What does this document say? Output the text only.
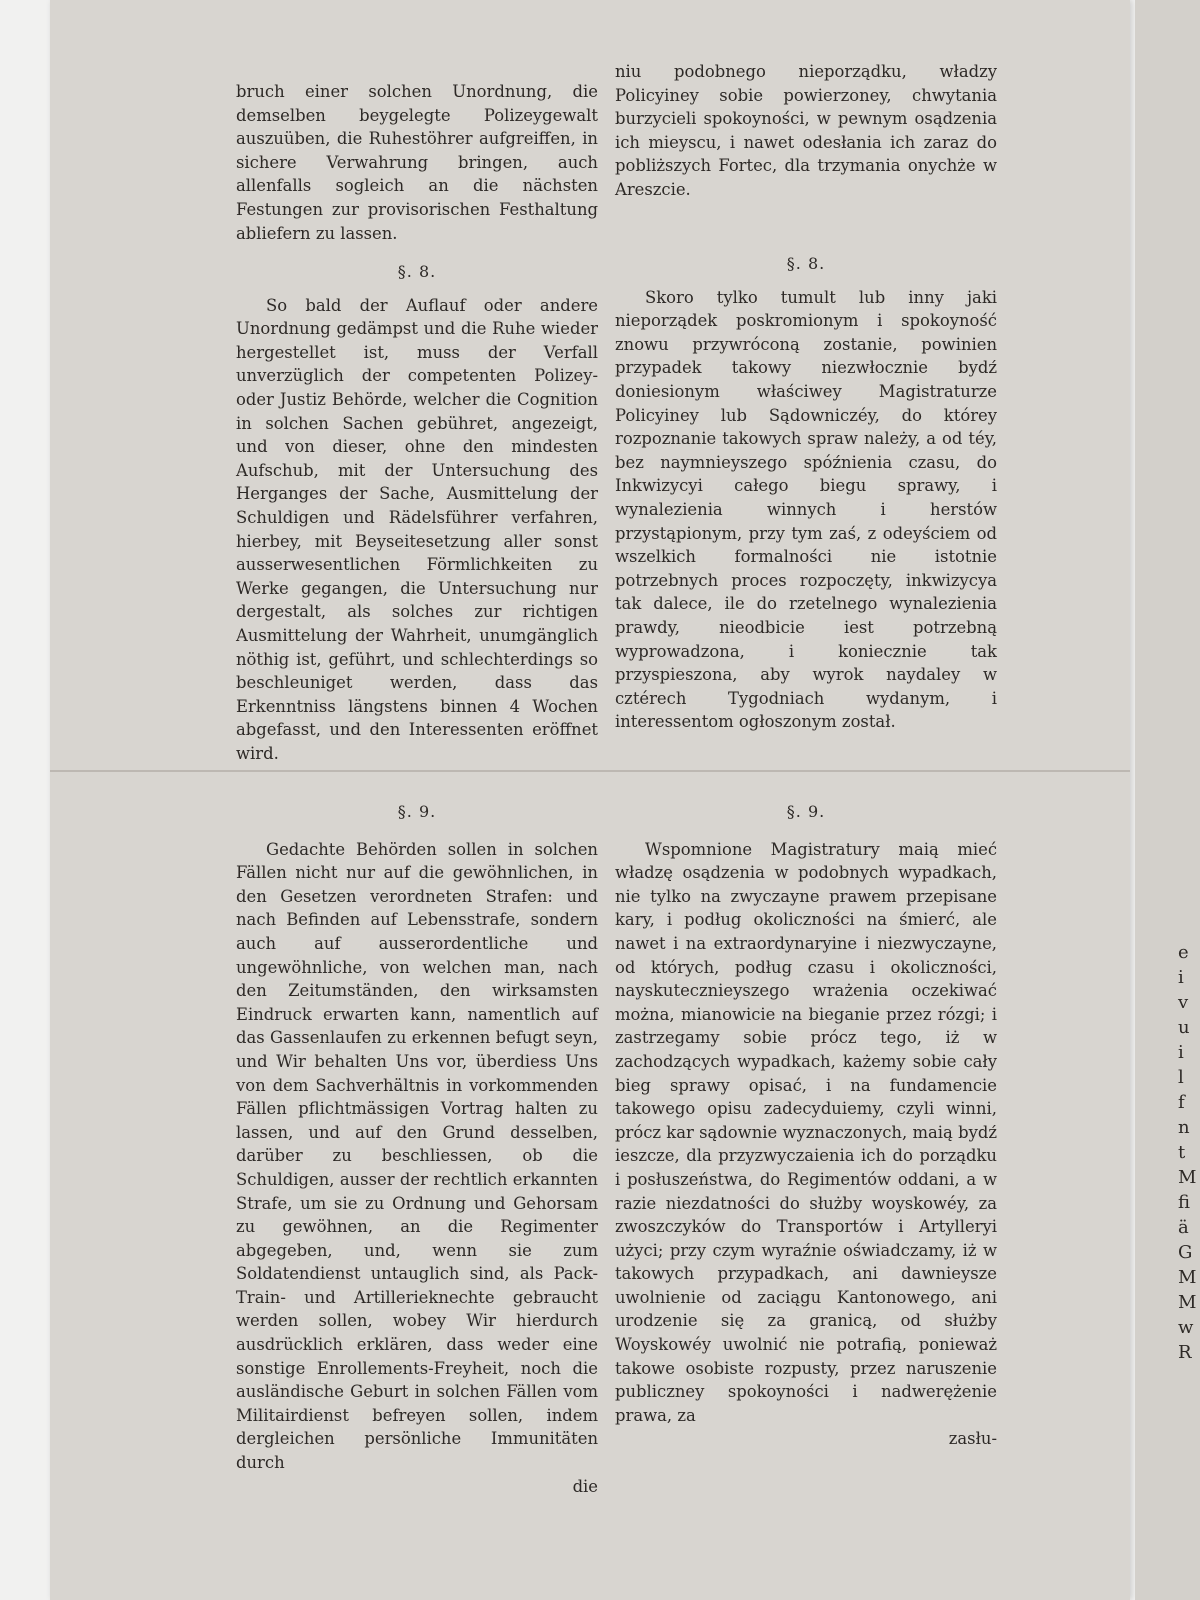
bruch einer solchen Unordnung, die demselben beygelegte Polizeygewalt auszuüben, die Ruhestöhrer aufgreiffen, in sichere Verwahrung bringen, auch allenfalls sogleich an die nächsten Festungen zur provisorischen Festhaltung abliefern zu lassen.

§. 8.

So bald der Auflauf oder andere Unordnung gedämpst und die Ruhe wieder hergestellet ist, muss der Verfall unverzüglich der competenten Polizey- oder Justiz Behörde, welcher die Cognition in solchen Sachen gebühret, angezeigt, und von dieser, ohne den mindesten Aufschub, mit der Untersuchung des Herganges der Sache, Ausmittelung der Schuldigen und Rädelsführer verfahren, hierbey, mit Beyseitesetzung aller sonst ausserwesentlichen Förmlichkeiten zu Werke gegangen, die Untersuchung nur dergestalt, als solches zur richtigen Ausmittelung der Wahrheit, unumgänglich nöthig ist, geführt, und schlechterdings so beschleuniget werden, dass das Erkenntniss längstens binnen 4 Wochen abgefasst, und den Interessenten eröffnet wird.

§. 9.

Gedachte Behörden sollen in solchen Fällen nicht nur auf die gewöhnlichen, in den Gesetzen verordneten Strafen: und nach Befinden auf Lebensstrafe, sondern auch auf ausserordentliche und ungewöhnliche, von welchen man, nach den Zeitumständen, den wirksamsten Eindruck erwarten kann, namentlich auf das Gassenlaufen zu erkennen befugt seyn, und Wir behalten Uns vor, überdiess Uns von dem Sachverhältnis in vorkommenden Fällen pflichtmässigen Vortrag halten zu lassen, und auf den Grund desselben, darüber zu beschliessen, ob die Schuldigen, ausser der rechtlich erkannten Strafe, um sie zu Ordnung und Gehorsam zu gewöhnen, an die Regimenter abgegeben, und, wenn sie zum Soldatendienst untauglich sind, als Pack-Train- und Artillerieknechte gebraucht werden sollen, wobey Wir hierdurch ausdrücklich erklären, dass weder eine sonstige Enrollements-Freyheit, noch die ausländische Geburt in solchen Fällen vom Militairdienst befreyen sollen, indem dergleichen persönliche Immunitäten durch

die

niu podobnego nieporządku, władzy Policyiney sobie powierzoney, chwytania burzycieli spokoyności, w pewnym osądzenia ich mieyscu, i nawet odesłania ich zaraz do pobliższych Fortec, dla trzymania onychże w Areszcie.

§. 8.

Skoro tylko tumult lub inny jaki nieporządek poskromionym i spokoyność znowu przywróconą zostanie, powinien przypadek takowy niezwłocznie bydź doniesionym właściwey Magistraturze Policyiney lub Sądowniczéy, do którey rozpoznanie takowych spraw należy, a od téy, bez naymnieyszego spóźnienia czasu, do Inkwizycyi całego biegu sprawy, i wynalezienia winnych i herstów przystąpionym, przy tym zaś, z odeyściem od wszelkich formalności nie istotnie potrzebnych proces rozpoczęty, inkwizycya tak dalece, ile do rzetelnego wynalezienia prawdy, nieodbicie iest potrzebną wyprowadzona, i koniecznie tak przyspieszona, aby wyrok naydaley w cztérech Tygodniach wydanym, i interessentom ogłoszonym został.

§. 9.

Wspomnione Magistratury maią mieć władzę osądzenia w podobnych wypadkach, nie tylko na zwyczayne prawem przepisane kary, i podług okoliczności na śmierć, ale nawet i na extraordynaryine i niezwyczayne, od których, podług czasu i okoliczności, nayskutecznieyszego wrażenia oczekiwać można, mianowicie na bieganie przez rózgi; i zastrzegamy sobie prócz tego, iż w zachodzących wypadkach, każemy sobie cały bieg sprawy opisać, i na fundamencie takowego opisu zadecyduiemy, czyli winni, prócz kar sądownie wyznaczonych, maią bydź ieszcze, dla przyzwyczaienia ich do porządku i posłuszeństwa, do Regimentów oddani, a w razie niezdatności do służby woyskowéy, za zwoszczyków do Transportów i Artylleryi użyci; przy czym wyraźnie oświadczamy, iż w takowych przypadkach, ani dawnieysze uwolnienie od zaciągu Kantonowego, ani urodzenie się za granicą, od służby Woyskowéy uwolnić nie potrafią, ponieważ takowe osobiste rozpusty, przez naruszenie publiczney spokoyności i nadwerężenie prawa, za

zasłu-

e
i
v
u
i
l
f
n
t
M
fi
ä
G
M
M
w
R
